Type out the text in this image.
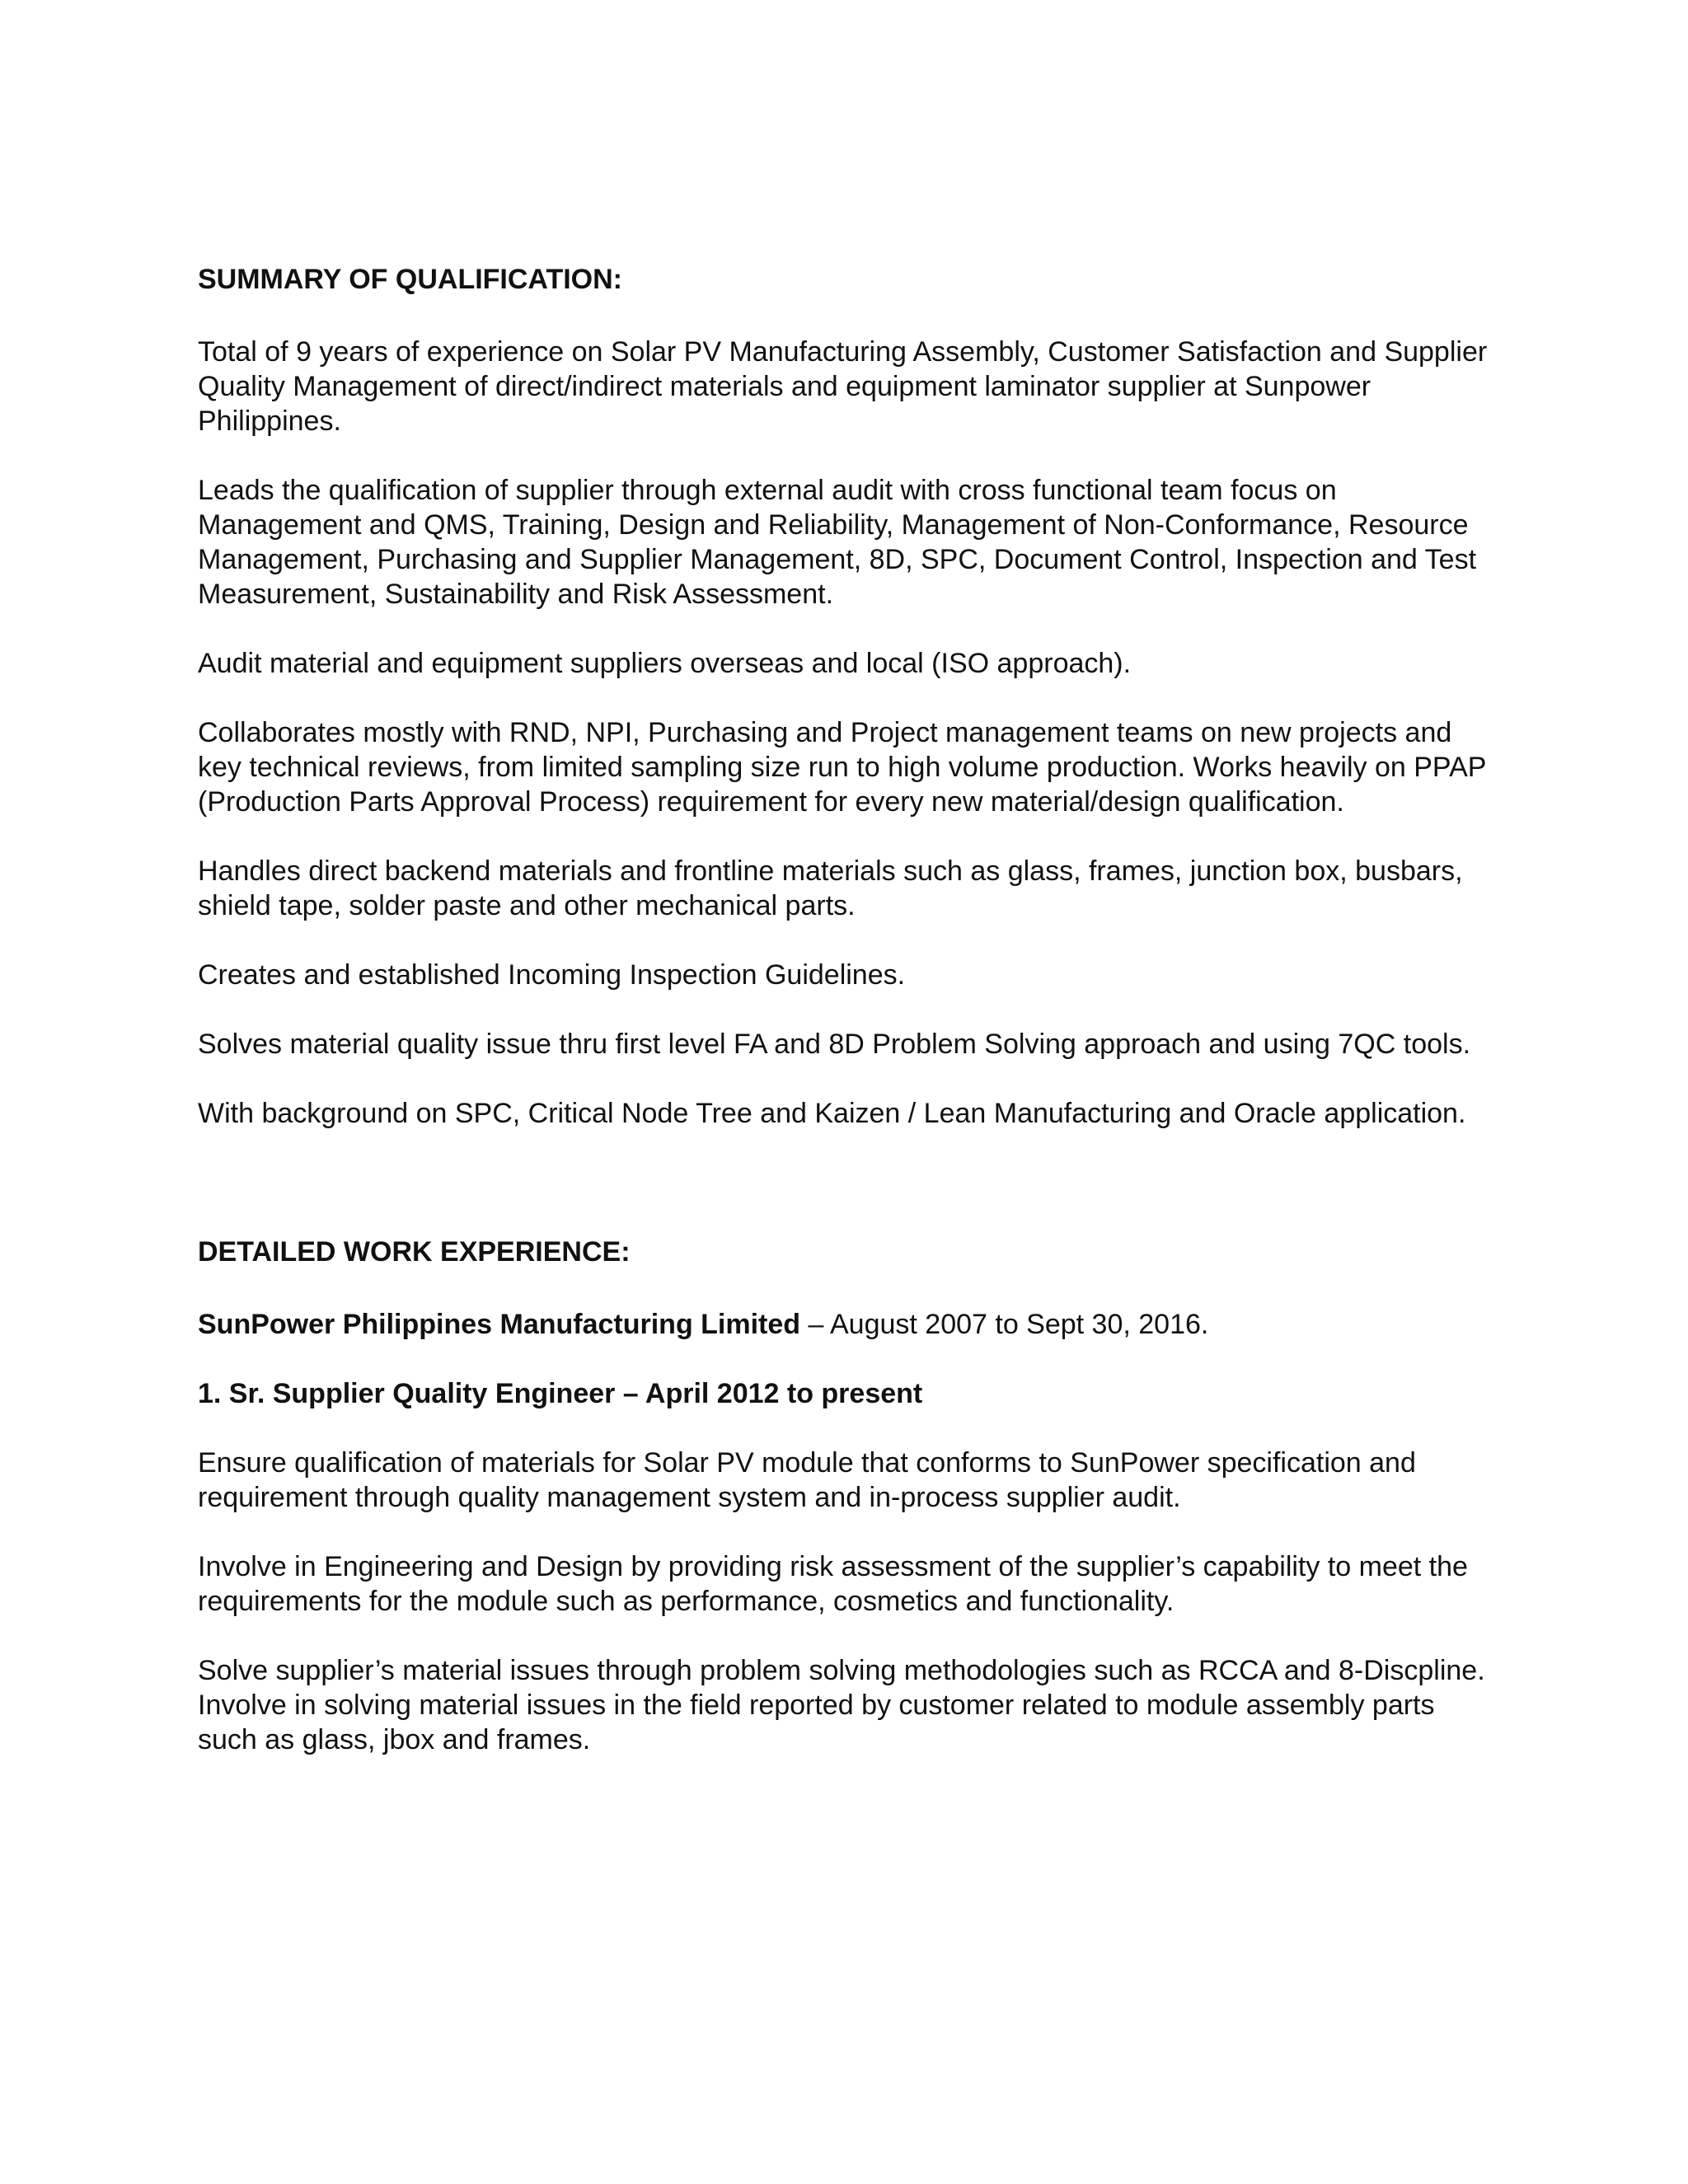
SUMMARY OF QUALIFICATION:
Total of 9 years of experience on Solar PV Manufacturing Assembly, Customer Satisfaction and Supplier Quality Management of direct/indirect materials and equipment laminator supplier at Sunpower Philippines.
Leads the qualification of supplier through external audit with cross functional team focus on Management and QMS, Training, Design and Reliability, Management of Non-Conformance, Resource Management, Purchasing and Supplier Management, 8D, SPC, Document Control, Inspection and Test Measurement, Sustainability and Risk Assessment.
Audit material and equipment suppliers overseas and local (ISO approach).
Collaborates mostly with RND, NPI, Purchasing and Project management teams on new projects and key technical reviews, from limited sampling size run to high volume production. Works heavily on PPAP (Production Parts Approval Process) requirement for every new material/design qualification.
Handles direct backend materials and frontline materials such as glass, frames, junction box, busbars, shield tape, solder paste and other mechanical parts.
Creates and established Incoming Inspection Guidelines.
Solves material quality issue thru first level FA and 8D Problem Solving approach and using 7QC tools.
With background on SPC, Critical Node Tree and Kaizen / Lean Manufacturing and Oracle application.
DETAILED WORK EXPERIENCE:
SunPower Philippines Manufacturing Limited – August 2007 to Sept 30, 2016.
1. Sr. Supplier Quality Engineer – April 2012 to present
Ensure qualification of materials for Solar PV module that conforms to SunPower specification and requirement through quality management system and in-process supplier audit.
Involve in Engineering and Design by providing risk assessment of the supplier’s capability to meet the requirements for the module such as performance, cosmetics and functionality.
Solve supplier’s material issues through problem solving methodologies such as RCCA and 8-Discpline. Involve in solving material issues in the field reported by customer related to module assembly parts such as glass, jbox and frames.
